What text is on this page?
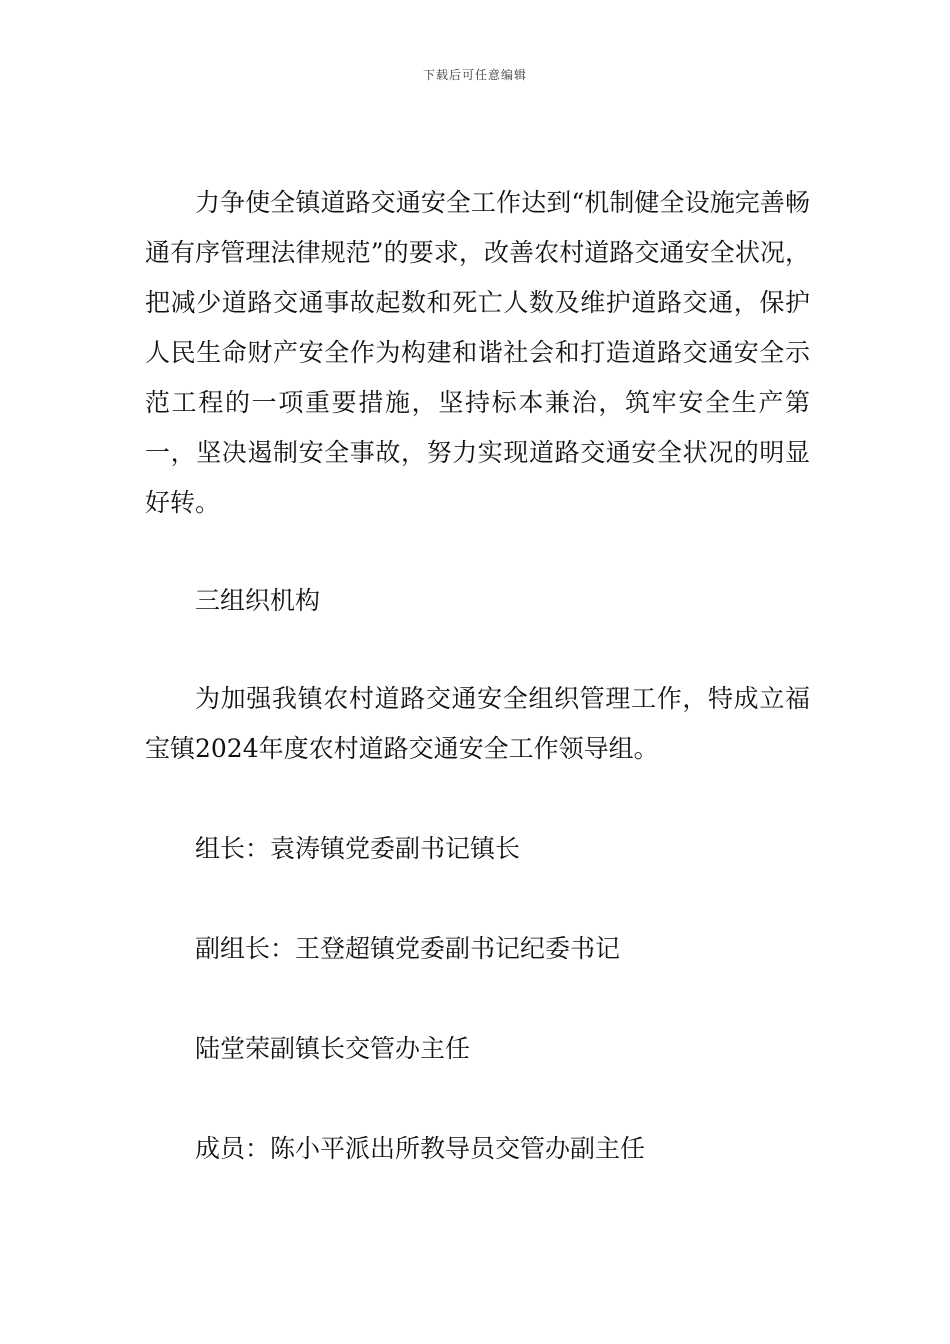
下载后可任意编辑

力争使全镇道路交通安全工作达到“机制健全设施完善畅通有序管理法律规范”的要求，改善农村道路交通安全状况，把减少道路交通事故起数和死亡人数及维护道路交通，保护人民生命财产安全作为构建和谐社会和打造道路交通安全示范工程的一项重要措施，坚持标本兼治，筑牢安全生产第一，坚决遏制安全事故，努力实现道路交通安全状况的明显好转。

三组织机构

为加强我镇农村道路交通安全组织管理工作，特成立福宝镇2024年度农村道路交通安全工作领导组。

组长：袁涛镇党委副书记镇长

副组长：王登超镇党委副书记纪委书记

陆堂荣副镇长交管办主任

成员：陈小平派出所教导员交管办副主任
